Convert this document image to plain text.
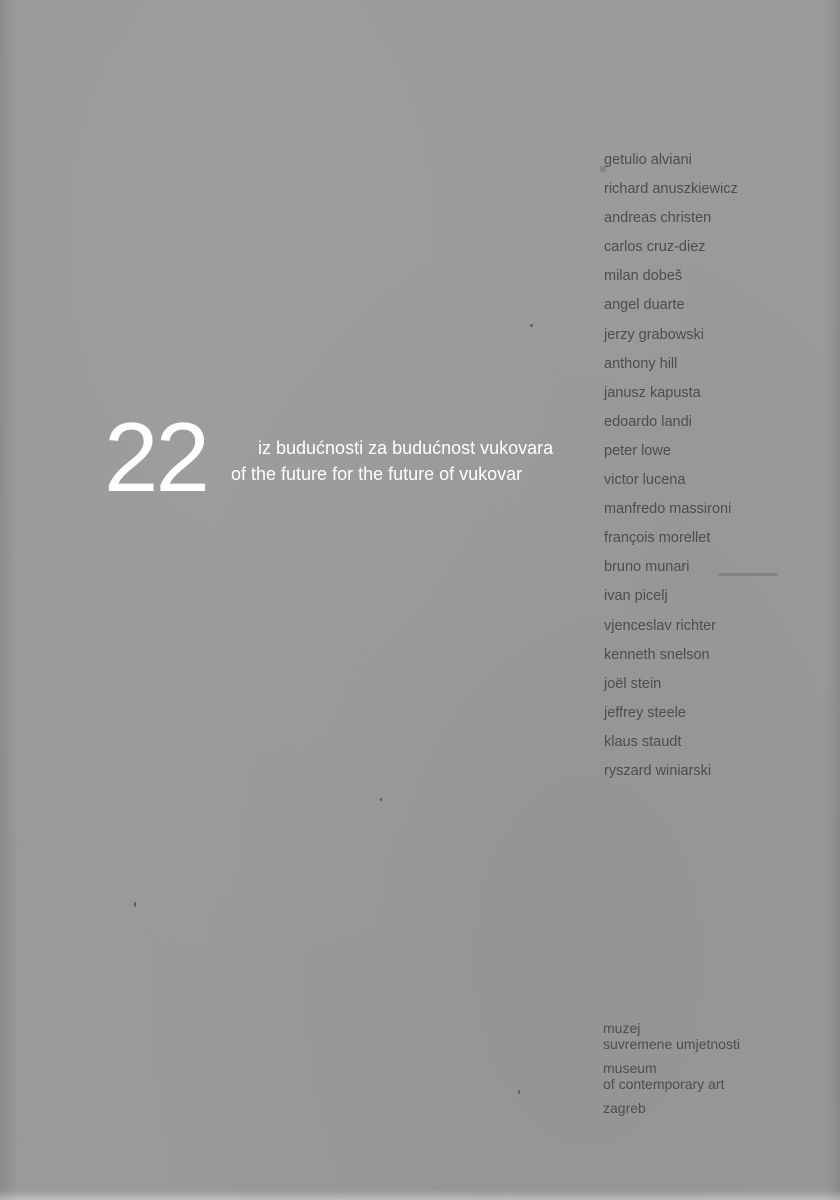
22	iz budućnosti za budućnost vukovara
of the future for the future of vukovar
getulio alviani
richard anuszkiewicz
andreas christen
carlos cruz-diez
milan dobeš
angel duarte
jerzy grabowski
anthony hill
janusz kapusta
edoardo landi
peter lowe
victor lucena
manfredo massironi
françois morellet
bruno munari
ivan picelj
vjenceslav richter
kenneth snelson
joël stein
jeffrey steele
klaus staudt
ryszard winiarski
muzej
suvremene umjetnosti
museum
of contemporary art
zagreb
